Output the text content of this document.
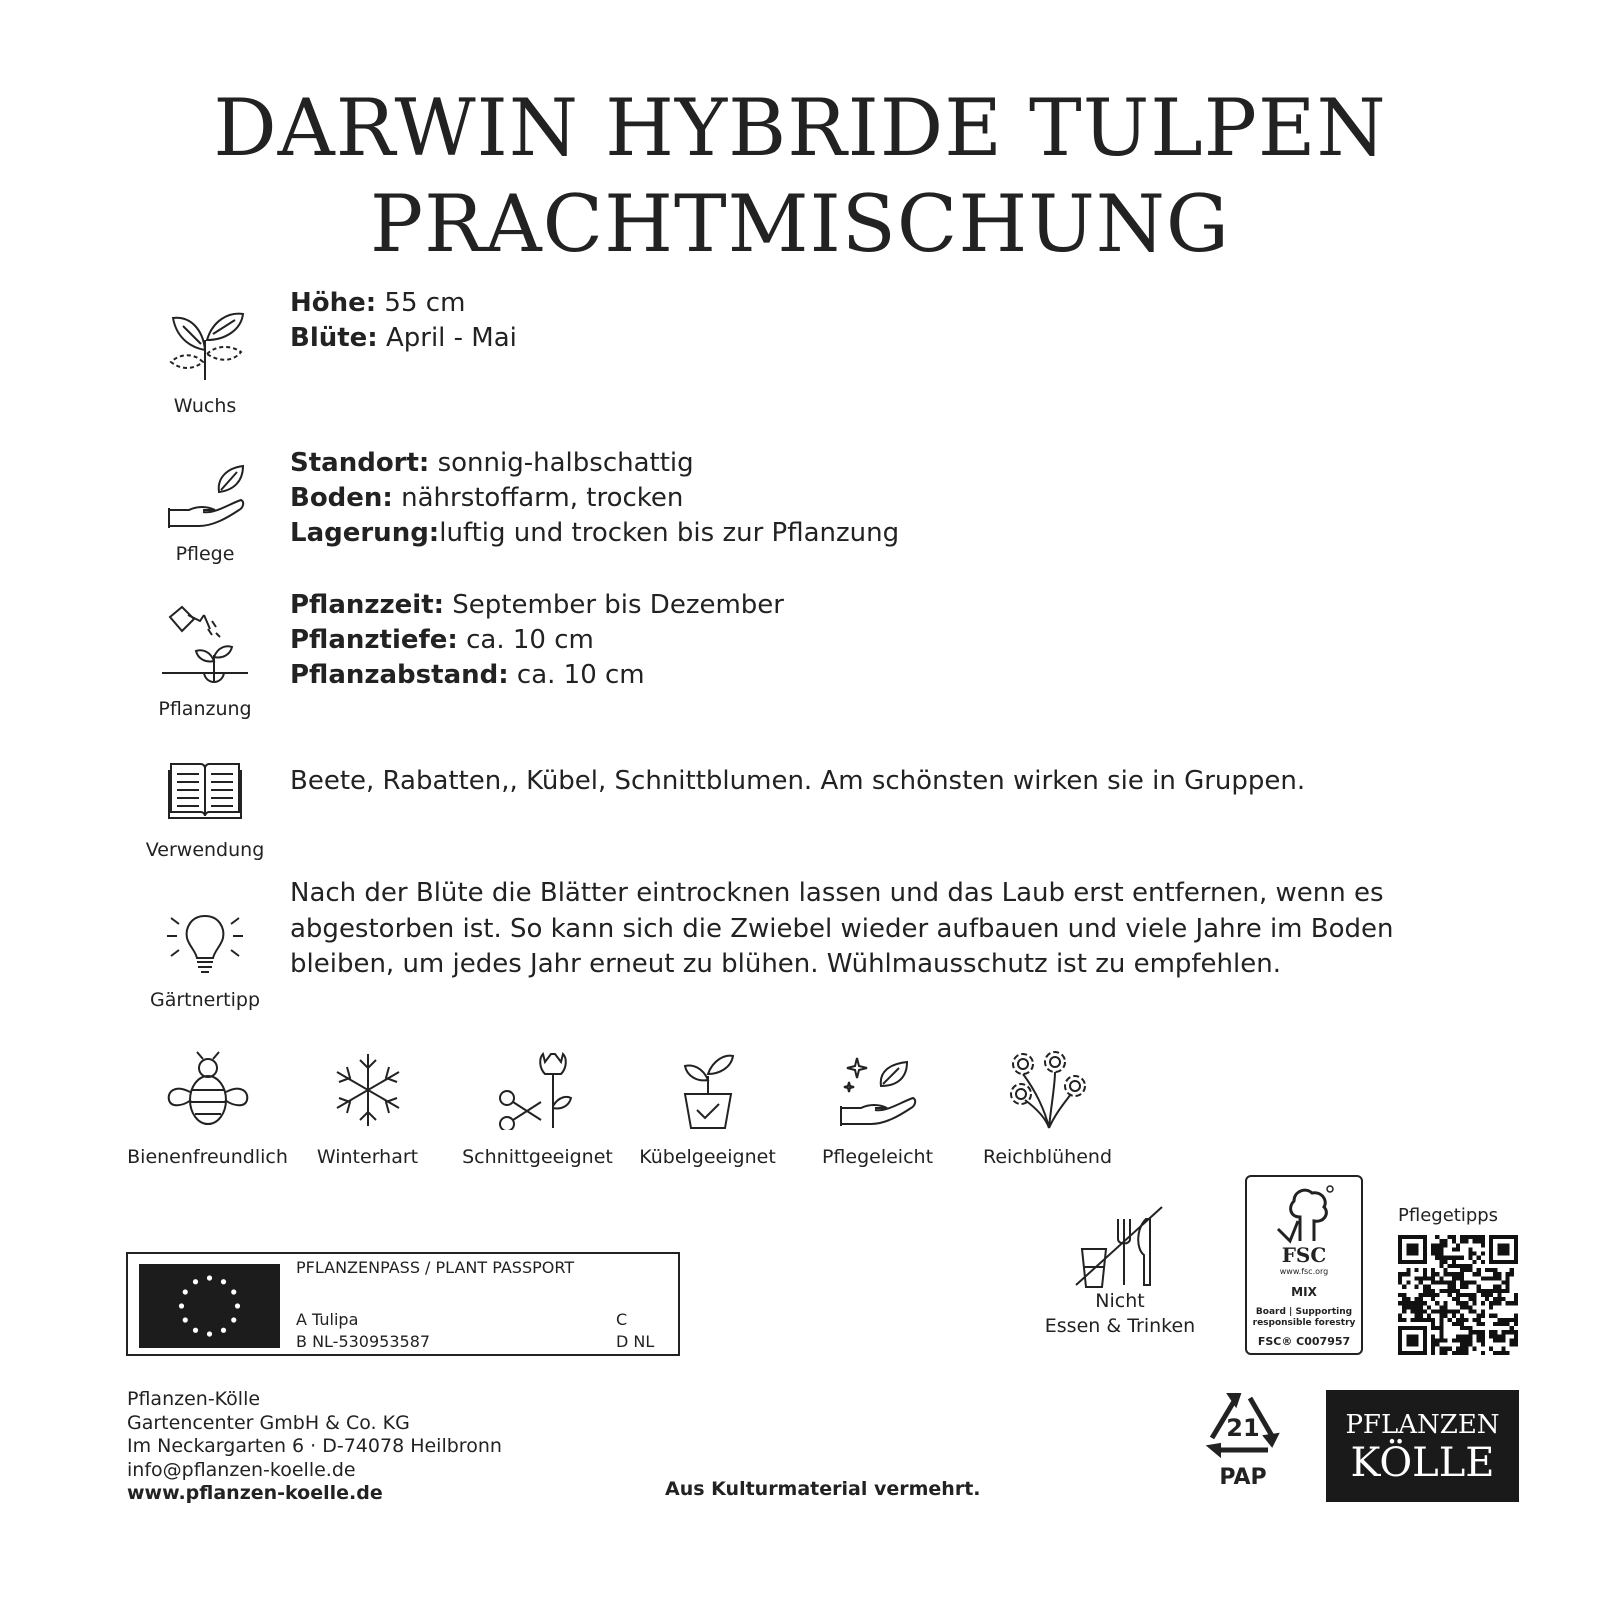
DARWIN HYBRIDE TULPEN
PRACHTMISCHUNG
Wuchs
Höhe: 55 cm
Blüte: April - Mai
Pflege
Standort: sonnig-halbschattig
Boden: nährstoffarm, trocken
Lagerung:luftig und trocken bis zur Pflanzung
Pflanzung
Pflanzzeit: September bis Dezember
Pflanztiefe: ca. 10 cm
Pflanzabstand: ca. 10 cm
Verwendung
Beete, Rabatten,, Kübel, Schnittblumen. Am schönsten wirken sie in Gruppen.
Gärtnertipp
Nach der Blüte die Blätter eintrocknen lassen und das Laub erst entfernen, wenn es abgestorben ist. So kann sich die Zwiebel wieder aufbauen und viele Jahre im Boden bleiben, um jedes Jahr erneut zu blühen. Wühlmausschutz ist zu empfehlen.
Bienenfreundlich	Winterhart	Schnittgeeignet	Kübelgeeignet	Pflegeleicht	Reichblühend
PFLANZENPASS / PLANT PASSPORT
A Tulipa
B NL-530953587
C
D NL
Pflanzen-Kölle
Gartencenter GmbH & Co. KG
Im Neckargarten 6 · D-74078 Heilbronn
info@pflanzen-koelle.de
www.pflanzen-koelle.de	Aus Kulturmaterial vermehrt.
Nicht
Essen & Trinken
FSC
www.fsc.org
MIX
Board | Supporting
responsible forestry
FSC® C007957
Pflegetipps
21
PAP
PFLANZEN
KÖLLE
